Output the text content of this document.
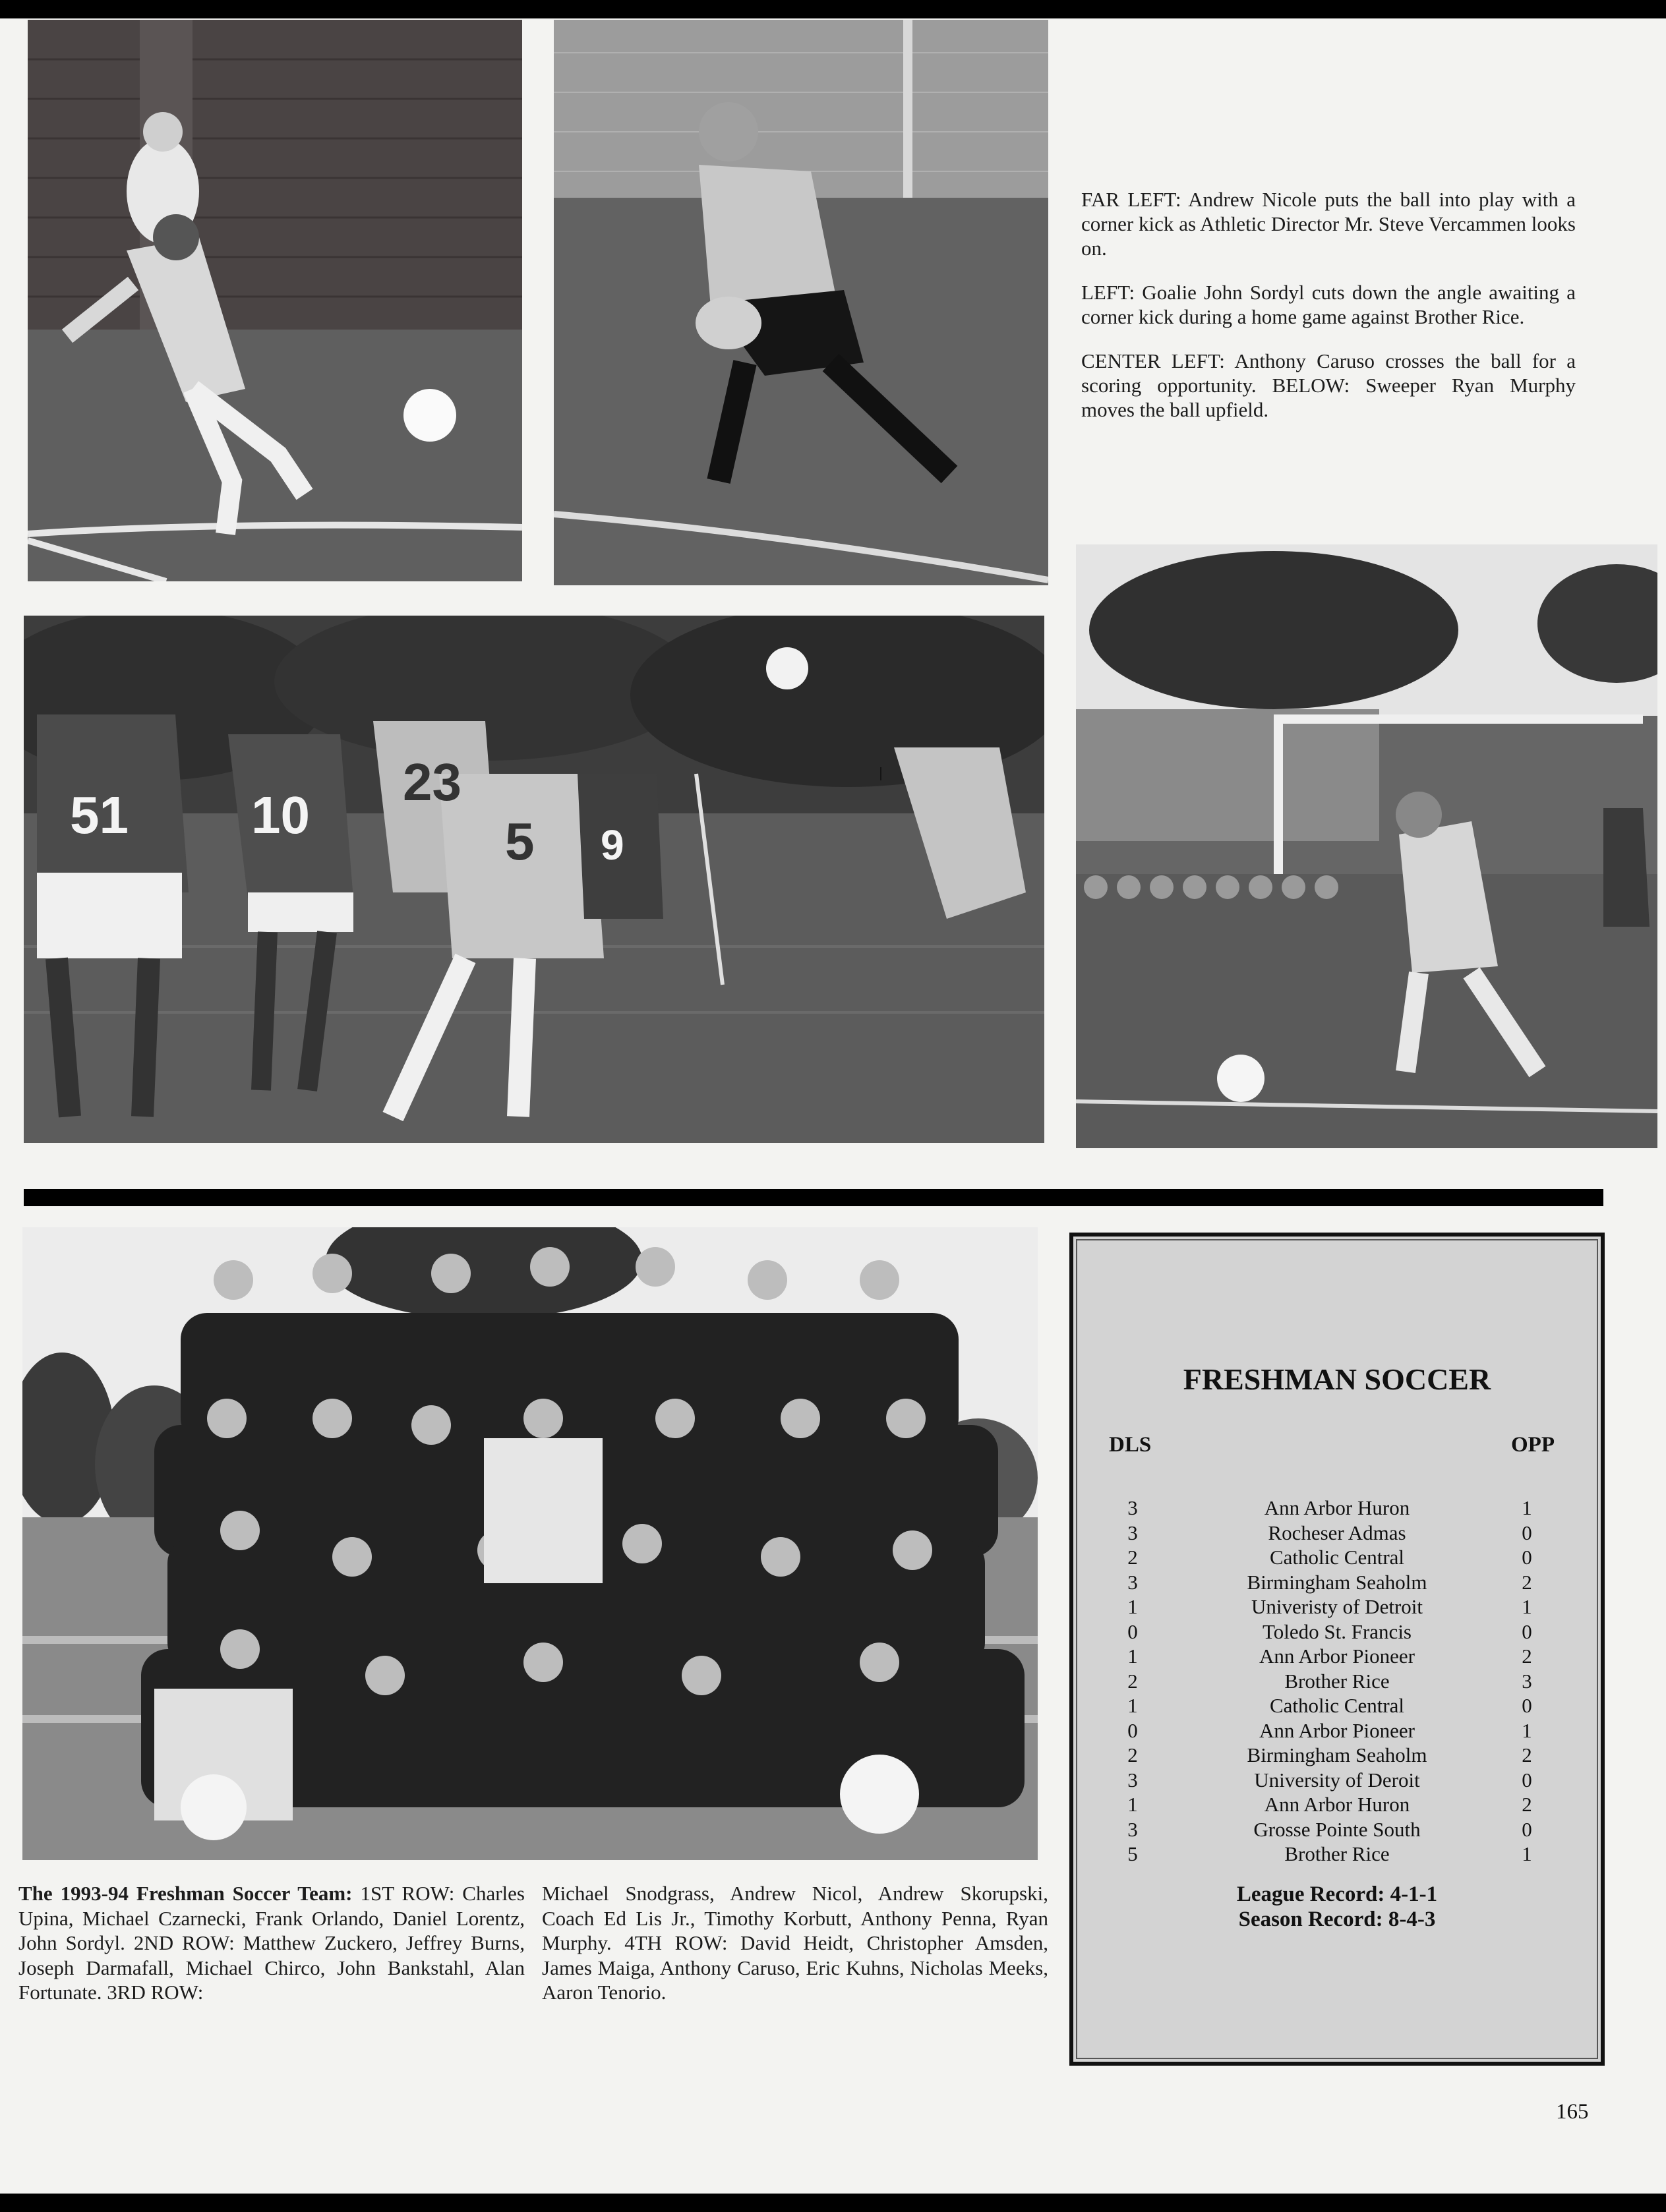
FAR LEFT: Andrew Nicole puts the ball into play with a corner kick as Athletic Director Mr. Steve Vercammen looks on.

LEFT: Goalie John Sordyl cuts down the angle awaiting a corner kick during a home game against Brother Rice.

CENTER LEFT: Anthony Caruso crosses the ball for a scoring opportunity. BELOW: Sweeper Ryan Murphy moves the ball upfield.

51 10
23
5 9
The 1993-94 Freshman Soccer Team: 1ST ROW: Charles Upina, Michael Czarnecki, Frank Orlando, Daniel Lorentz, John Sordyl. 2ND ROW: Matthew Zuckero, Jeffrey Burns, Joseph Darmafall, Michael Chirco, John Bankstahl, Alan Fortunate. 3RD ROW:
Michael Snodgrass, Andrew Nicol, Andrew Skorupski, Coach Ed Lis Jr., Timothy Korbutt, Anthony Penna, Ryan Murphy. 4TH ROW: David Heidt, Christopher Amsden, James Maiga, Anthony Caruso, Eric Kuhns, Nicholas Meeks, Aaron Tenorio.
FRESHMAN SOCCER
DLS	OPP
3	Ann Arbor Huron	1
3	Rocheser Admas	0
2	Catholic Central	0
3	Birmingham Seaholm	2
1	Univeristy of Detroit	1
0	Toledo St. Francis	0
1	Ann Arbor Pioneer	2
2	Brother Rice	3
1	Catholic Central	0
0	Ann Arbor Pioneer	1
2	Birmingham Seaholm	2
3	University of Deroit	0
1	Ann Arbor Huron	2
3	Grosse Pointe South	0
5	Brother Rice	1
League Record: 4-1-1
Season Record: 8-4-3
165
